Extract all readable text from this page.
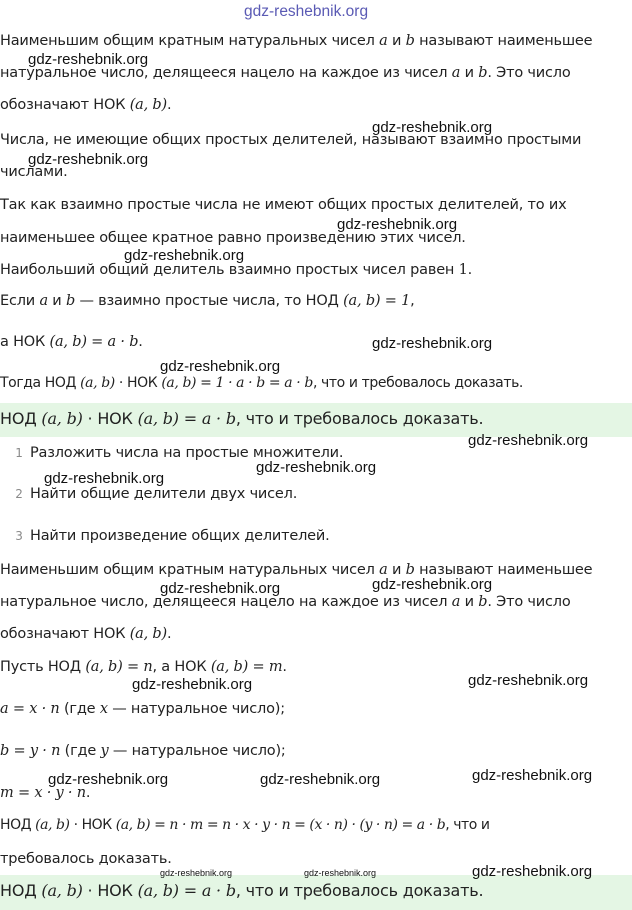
Наименьшим общим кратным натуральных чисел a и b называют наименьшее
натуральное число, делящееся нацело на каждое из чисел a и b. Это число
обозначают НОК (a, b).
Числа, не имеющие общих простых делителей, называют взаимно простыми
числами.
Так как взаимно простые числа не имеют общих простых делителей, то их
наименьшее общее кратное равно произведению этих чисел.
Наибольший общий делитель взаимно простых чисел равен 1.
Если a и b — взаимно простые числа, то НОД (a, b) = 1,
а НОК (a, b) = a · b.
Тогда НОД (a, b) · НОК (a, b) = 1 · a · b = a · b, что и требовалось доказать.
НОД (a, b) · НОК (a, b) = a · b, что и требовалось доказать.
1 Разложить числа на простые множители.
2 Найти общие делители двух чисел.
3 Найти произведение общих делителей.
Наименьшим общим кратным натуральных чисел a и b называют наименьшее
натуральное число, делящееся нацело на каждое из чисел a и b. Это число
обозначают НОК (a, b).
Пусть НОД (a, b) = n, а НОК (a, b) = m.
a = x · n (где x — натуральное число);
b = y · n (где y — натуральное число);
m = x · y · n.
НОД (a, b) · НОК (a, b) = n · m = n · x · y · n = (x · n) · (y · n) = a · b, что и
требовалось доказать.
НОД (a, b) · НОК (a, b) = a · b, что и требовалось доказать.
gdz-reshebnik.org
gdz-reshebnik.org
gdz-reshebnik.org
gdz-reshebnik.org
gdz-reshebnik.org
gdz-reshebnik.org
gdz-reshebnik.org
gdz-reshebnik.org
gdz-reshebnik.org
gdz-reshebnik.org
gdz-reshebnik.org
gdz-reshebnik.org
gdz-reshebnik.org
gdz-reshebnik.org
gdz-reshebnik.org
gdz-reshebnik.org
gdz-reshebnik.org	gdz-reshebnik.org
gdz-reshebnik.org
gdz-reshebnik.org	gdz-reshebnik.org
